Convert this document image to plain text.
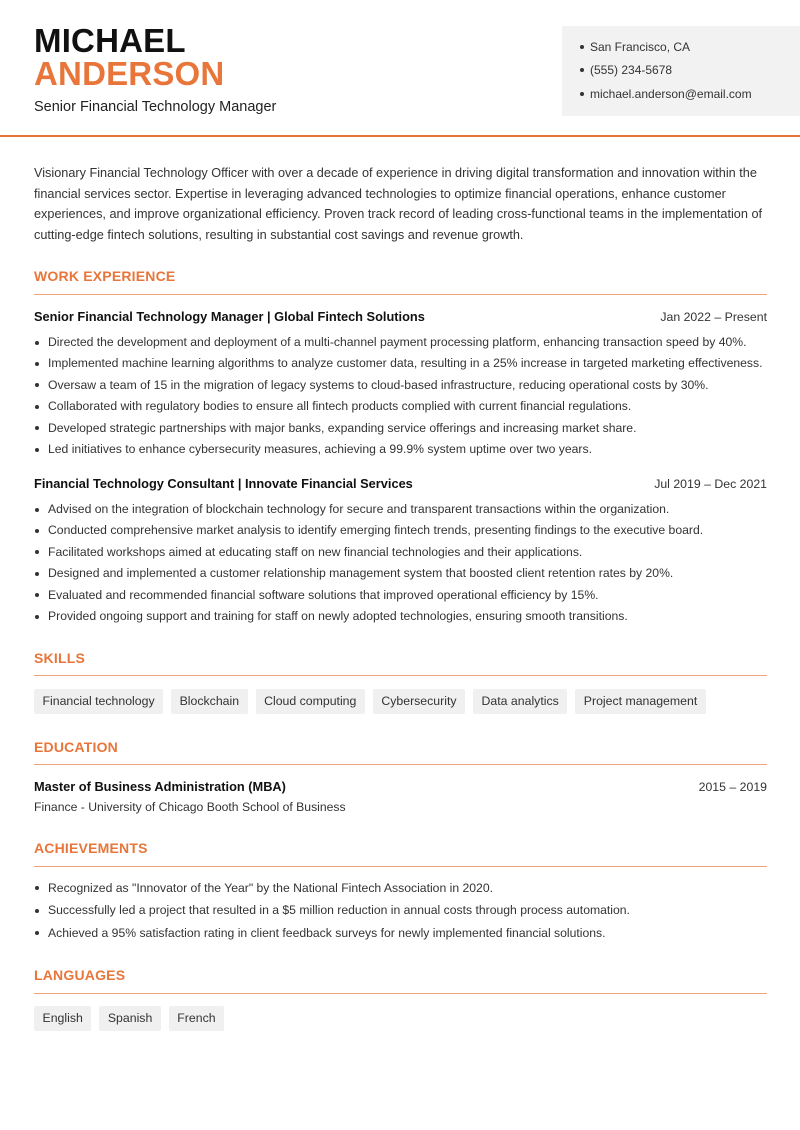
MICHAEL
ANDERSON
Senior Financial Technology Manager
San Francisco, CA
(555) 234-5678
michael.anderson@email.com

Visionary Financial Technology Officer with over a decade of experience in driving digital transformation and innovation within the financial services sector. Expertise in leveraging advanced technologies to optimize financial operations, enhance customer experiences, and improve organizational efficiency. Proven track record of leading cross-functional teams in the implementation of cutting-edge fintech solutions, resulting in substantial cost savings and revenue growth.

WORK EXPERIENCE
Senior Financial Technology Manager | Global Fintech Solutions	Jan 2022 – Present
Directed the development and deployment of a multi-channel payment processing platform, enhancing transaction speed by 40%.
Implemented machine learning algorithms to analyze customer data, resulting in a 25% increase in targeted marketing effectiveness.
Oversaw a team of 15 in the migration of legacy systems to cloud-based infrastructure, reducing operational costs by 30%.
Collaborated with regulatory bodies to ensure all fintech products complied with current financial regulations.
Developed strategic partnerships with major banks, expanding service offerings and increasing market share.
Led initiatives to enhance cybersecurity measures, achieving a 99.9% system uptime over two years.
Financial Technology Consultant | Innovate Financial Services	Jul 2019 – Dec 2021
Advised on the integration of blockchain technology for secure and transparent transactions within the organization.
Conducted comprehensive market analysis to identify emerging fintech trends, presenting findings to the executive board.
Facilitated workshops aimed at educating staff on new financial technologies and their applications.
Designed and implemented a customer relationship management system that boosted client retention rates by 20%.
Evaluated and recommended financial software solutions that improved operational efficiency by 15%.
Provided ongoing support and training for staff on newly adopted technologies, ensuring smooth transitions.
SKILLS
Financial technology	Blockchain	Cloud computing	Cybersecurity	Data analytics	Project management
EDUCATION
Master of Business Administration (MBA)	2015 – 2019
Finance - University of Chicago Booth School of Business
ACHIEVEMENTS
Recognized as "Innovator of the Year" by the National Fintech Association in 2020.
Successfully led a project that resulted in a $5 million reduction in annual costs through process automation.
Achieved a 95% satisfaction rating in client feedback surveys for newly implemented financial solutions.
LANGUAGES
English	Spanish	French
